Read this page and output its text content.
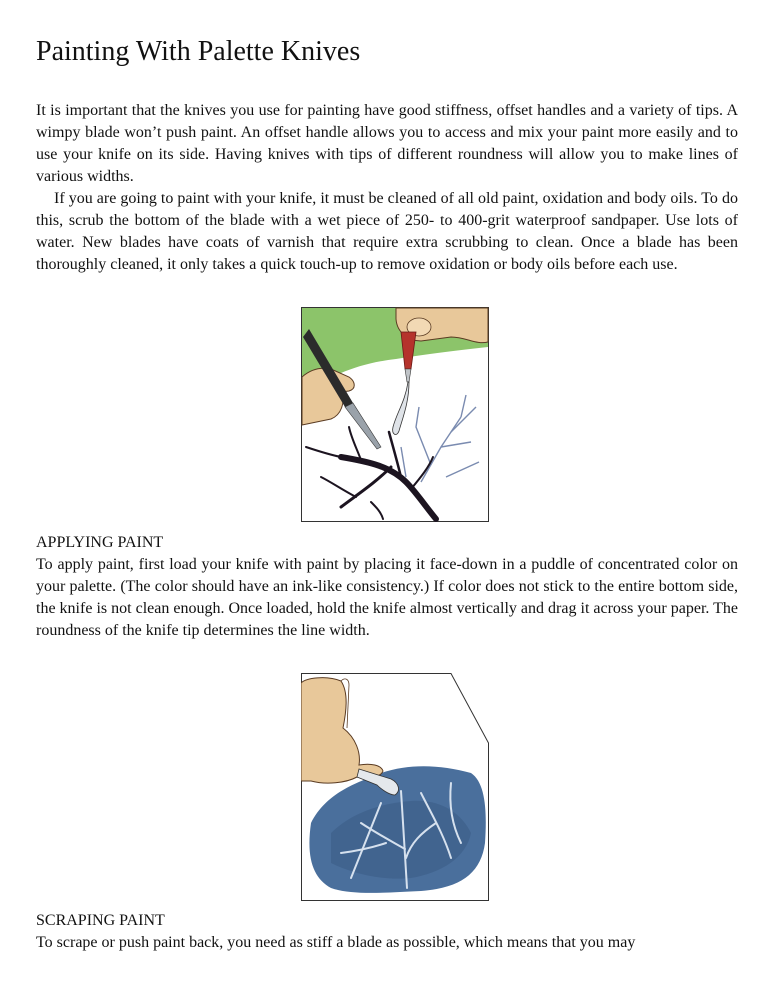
Painting With Palette Knives

It is important that the knives you use for painting have good stiffness, offset handles and a variety of tips. A wimpy blade won’t push paint. An offset handle allows you to access and mix your paint more easily and to use your knife on its side. Having knives with tips of different roundness will allow you to make lines of various widths.

If you are going to paint with your knife, it must be cleaned of all old paint, oxidation and body oils. To do this, scrub the bottom of the blade with a wet piece of 250- to 400-grit waterproof sandpaper. Use lots of water. New blades have coats of varnish that require extra scrubbing to clean. Once a blade has been thoroughly cleaned, it only takes a quick touch-up to remove oxidation or body oils before each use.

APPLYING PAINT

To apply paint, first load your knife with paint by placing it face-down in a puddle of concentrated color on your palette. (The color should have an ink-like consistency.) If color does not stick to the entire bottom side, the knife is not clean enough. Once loaded, hold the knife almost vertically and drag it across your paper. The roundness of the knife tip determines the line width.

SCRAPING PAINT

To scrape or push paint back, you need as stiff a blade as possible, which means that you may
